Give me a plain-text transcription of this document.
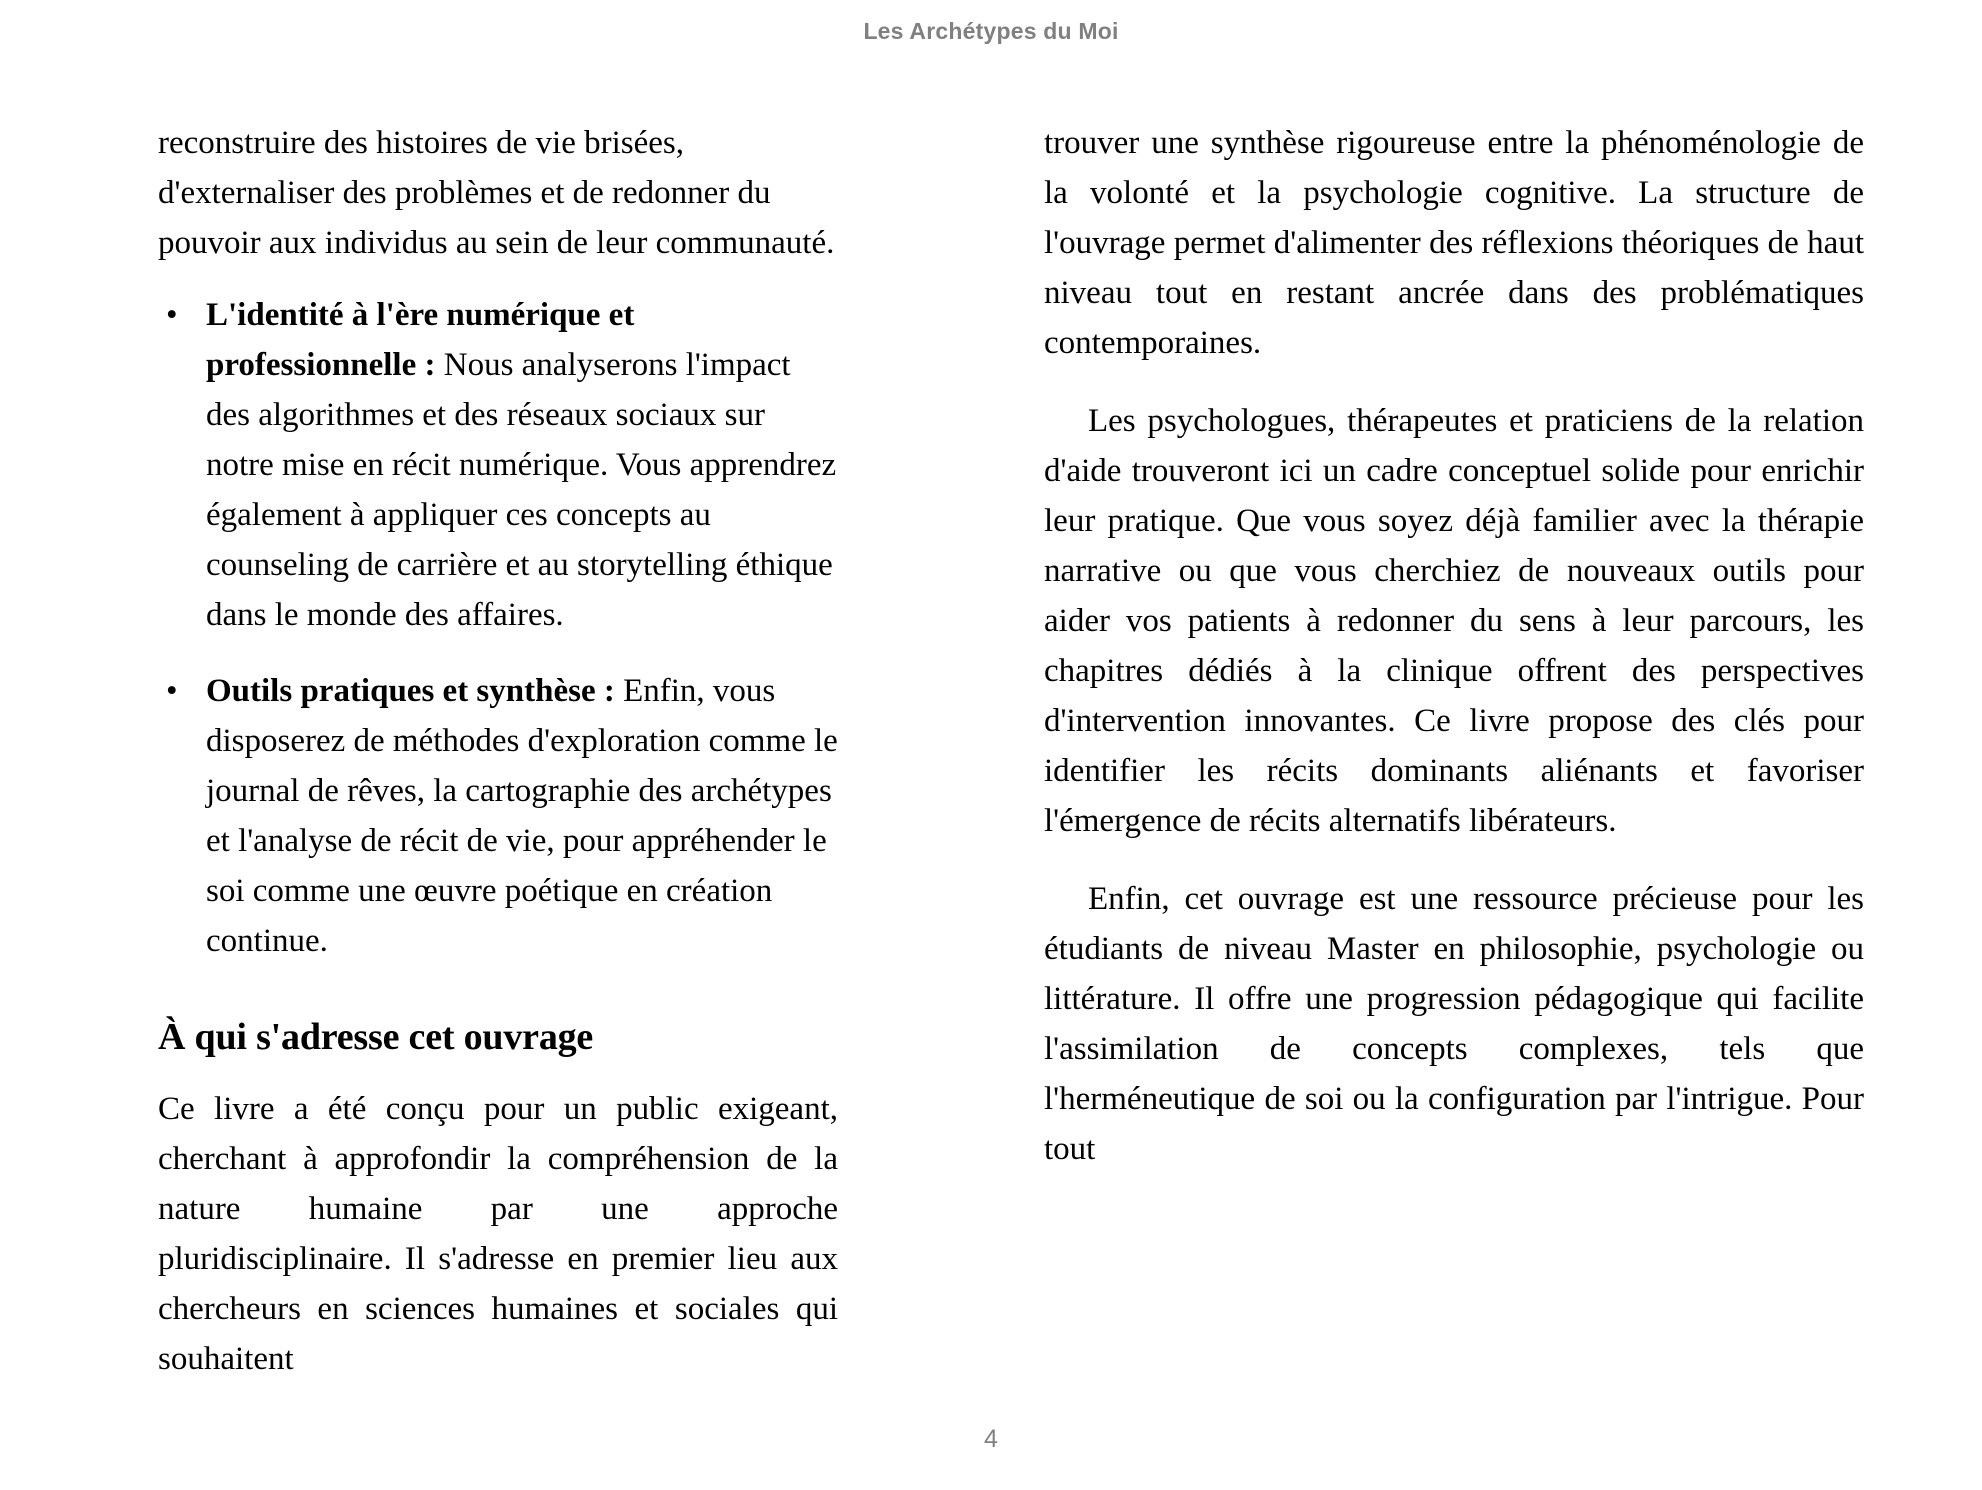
Les Archétypes du Moi

reconstruire des histoires de vie brisées, d'externaliser des problèmes et de redonner du pouvoir aux individus au sein de leur communauté.

• L'identité à l'ère numérique et professionnelle : Nous analyserons l'impact des algorithmes et des réseaux sociaux sur notre mise en récit numérique. Vous apprendrez également à appliquer ces concepts au counseling de carrière et au storytelling éthique dans le monde des affaires.
• Outils pratiques et synthèse : Enfin, vous disposerez de méthodes d'exploration comme le journal de rêves, la cartographie des archétypes et l'analyse de récit de vie, pour appréhender le soi comme une œuvre poétique en création continue.
À qui s'adresse cet ouvrage

Ce livre a été conçu pour un public exigeant, cherchant à approfondir la compréhension de la nature humaine par une approche pluridisciplinaire. Il s'adresse en premier lieu aux chercheurs en sciences humaines et sociales qui souhaitent

trouver une synthèse rigoureuse entre la phénoménologie de la volonté et la psychologie cognitive. La structure de l'ouvrage permet d'alimenter des réflexions théoriques de haut niveau tout en restant ancrée dans des problématiques contemporaines.

Les psychologues, thérapeutes et praticiens de la relation d'aide trouveront ici un cadre conceptuel solide pour enrichir leur pratique. Que vous soyez déjà familier avec la thérapie narrative ou que vous cherchiez de nouveaux outils pour aider vos patients à redonner du sens à leur parcours, les chapitres dédiés à la clinique offrent des perspectives d'intervention innovantes. Ce livre propose des clés pour identifier les récits dominants aliénants et favoriser l'émergence de récits alternatifs libérateurs.

Enfin, cet ouvrage est une ressource précieuse pour les étudiants de niveau Master en philosophie, psychologie ou littérature. Il offre une progression pédagogique qui facilite l'assimilation de concepts complexes, tels que l'herméneutique de soi ou la configuration par l'intrigue. Pour tout

4
